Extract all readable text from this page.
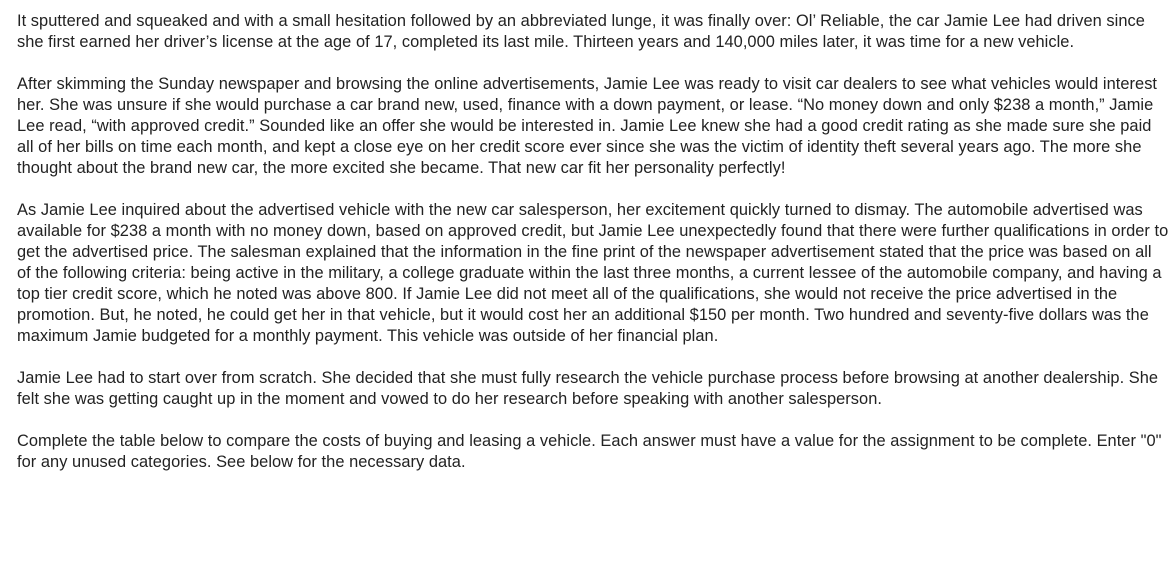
It sputtered and squeaked and with a small hesitation followed by an abbreviated lunge, it was finally over: Ol’ Reliable, the car Jamie Lee had driven since she first earned her driver’s license at the age of 17, completed its last mile. Thirteen years and 140,000 miles later, it was time for a new vehicle.

After skimming the Sunday newspaper and browsing the online advertisements, Jamie Lee was ready to visit car dealers to see what vehicles would interest her. She was unsure if she would purchase a car brand new, used, finance with a down payment, or lease. “No money down and only $238 a month,” Jamie Lee read, “with approved credit.” Sounded like an offer she would be interested in. Jamie Lee knew she had a good credit rating as she made sure she paid all of her bills on time each month, and kept a close eye on her credit score ever since she was the victim of identity theft several years ago. The more she thought about the brand new car, the more excited she became. That new car fit her personality perfectly!

As Jamie Lee inquired about the advertised vehicle with the new car salesperson, her excitement quickly turned to dismay. The automobile advertised was available for $238 a month with no money down, based on approved credit, but Jamie Lee unexpectedly found that there were further qualifications in order to get the advertised price. The salesman explained that the information in the fine print of the newspaper advertisement stated that the price was based on all of the following criteria: being active in the military, a college graduate within the last three months, a current lessee of the automobile company, and having a top tier credit score, which he noted was above 800. If Jamie Lee did not meet all of the qualifications, she would not receive the price advertised in the promotion. But, he noted, he could get her in that vehicle, but it would cost her an additional $150 per month. Two hundred and seventy-five dollars was the maximum Jamie budgeted for a monthly payment. This vehicle was outside of her financial plan.

Jamie Lee had to start over from scratch. She decided that she must fully research the vehicle purchase process before browsing at another dealership. She felt she was getting caught up in the moment and vowed to do her research before speaking with another salesperson.

Complete the table below to compare the costs of buying and leasing a vehicle. Each answer must have a value for the assignment to be complete. Enter "0" for any unused categories. See below for the necessary data.
